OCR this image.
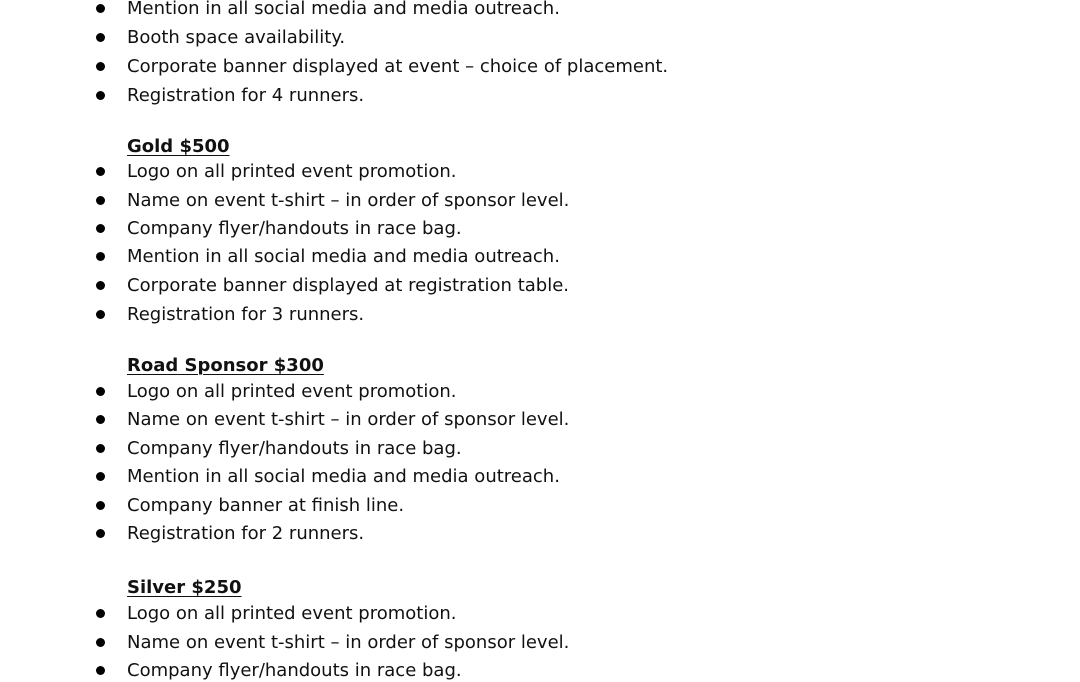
Mention in all social media and media outreach.
Booth space availability.
Corporate banner displayed at event – choice of placement.
Registration for 4 runners.
Gold $500
Logo on all printed event promotion.
Name on event t-shirt – in order of sponsor level.
Company flyer/handouts in race bag.
Mention in all social media and media outreach.
Corporate banner displayed at registration table.
Registration for 3 runners.
Road Sponsor $300
Logo on all printed event promotion.
Name on event t-shirt – in order of sponsor level.
Company flyer/handouts in race bag.
Mention in all social media and media outreach.
Company banner at finish line.
Registration for 2 runners.
Silver $250
Logo on all printed event promotion.
Name on event t-shirt – in order of sponsor level.
Company flyer/handouts in race bag.
